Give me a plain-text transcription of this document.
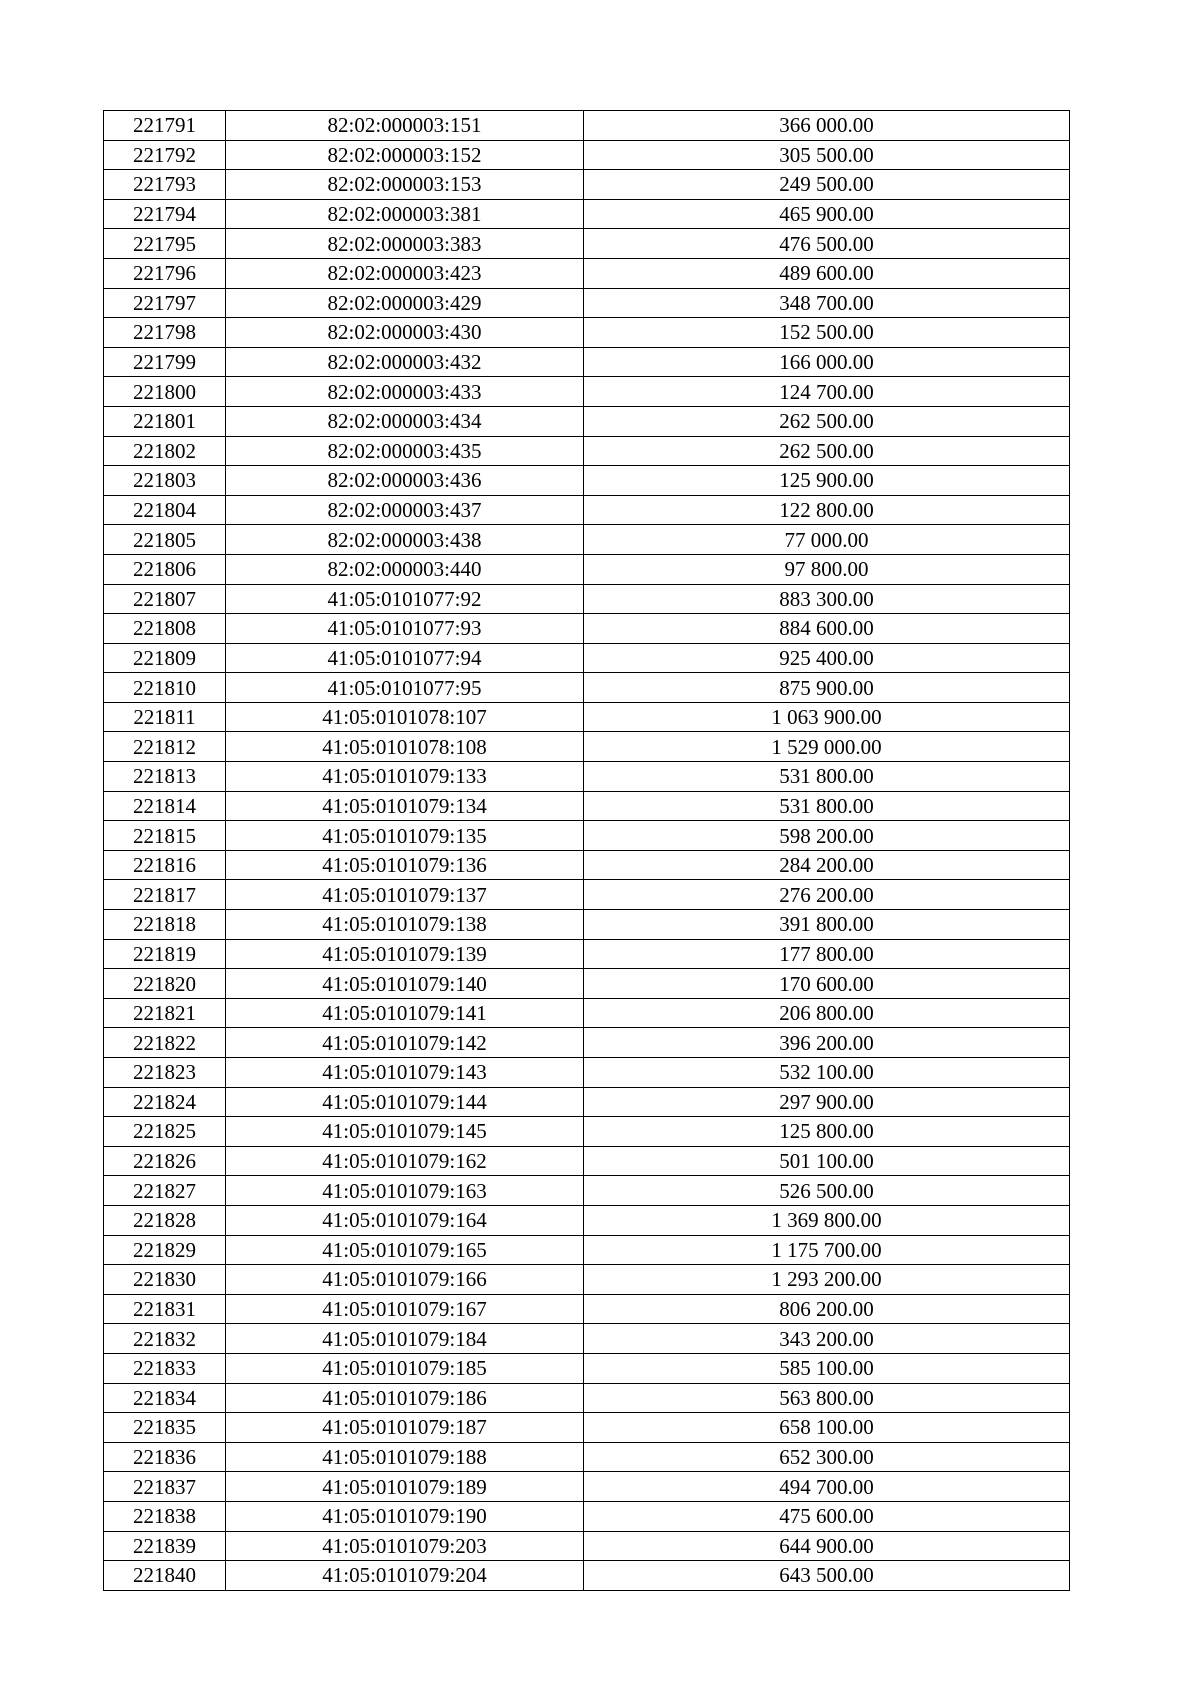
221791	82:02:000003:151	366 000.00
221792	82:02:000003:152	305 500.00
221793	82:02:000003:153	249 500.00
221794	82:02:000003:381	465 900.00
221795	82:02:000003:383	476 500.00
221796	82:02:000003:423	489 600.00
221797	82:02:000003:429	348 700.00
221798	82:02:000003:430	152 500.00
221799	82:02:000003:432	166 000.00
221800	82:02:000003:433	124 700.00
221801	82:02:000003:434	262 500.00
221802	82:02:000003:435	262 500.00
221803	82:02:000003:436	125 900.00
221804	82:02:000003:437	122 800.00
221805	82:02:000003:438	77 000.00
221806	82:02:000003:440	97 800.00
221807	41:05:0101077:92	883 300.00
221808	41:05:0101077:93	884 600.00
221809	41:05:0101077:94	925 400.00
221810	41:05:0101077:95	875 900.00
221811	41:05:0101078:107	1 063 900.00
221812	41:05:0101078:108	1 529 000.00
221813	41:05:0101079:133	531 800.00
221814	41:05:0101079:134	531 800.00
221815	41:05:0101079:135	598 200.00
221816	41:05:0101079:136	284 200.00
221817	41:05:0101079:137	276 200.00
221818	41:05:0101079:138	391 800.00
221819	41:05:0101079:139	177 800.00
221820	41:05:0101079:140	170 600.00
221821	41:05:0101079:141	206 800.00
221822	41:05:0101079:142	396 200.00
221823	41:05:0101079:143	532 100.00
221824	41:05:0101079:144	297 900.00
221825	41:05:0101079:145	125 800.00
221826	41:05:0101079:162	501 100.00
221827	41:05:0101079:163	526 500.00
221828	41:05:0101079:164	1 369 800.00
221829	41:05:0101079:165	1 175 700.00
221830	41:05:0101079:166	1 293 200.00
221831	41:05:0101079:167	806 200.00
221832	41:05:0101079:184	343 200.00
221833	41:05:0101079:185	585 100.00
221834	41:05:0101079:186	563 800.00
221835	41:05:0101079:187	658 100.00
221836	41:05:0101079:188	652 300.00
221837	41:05:0101079:189	494 700.00
221838	41:05:0101079:190	475 600.00
221839	41:05:0101079:203	644 900.00
221840	41:05:0101079:204	643 500.00
